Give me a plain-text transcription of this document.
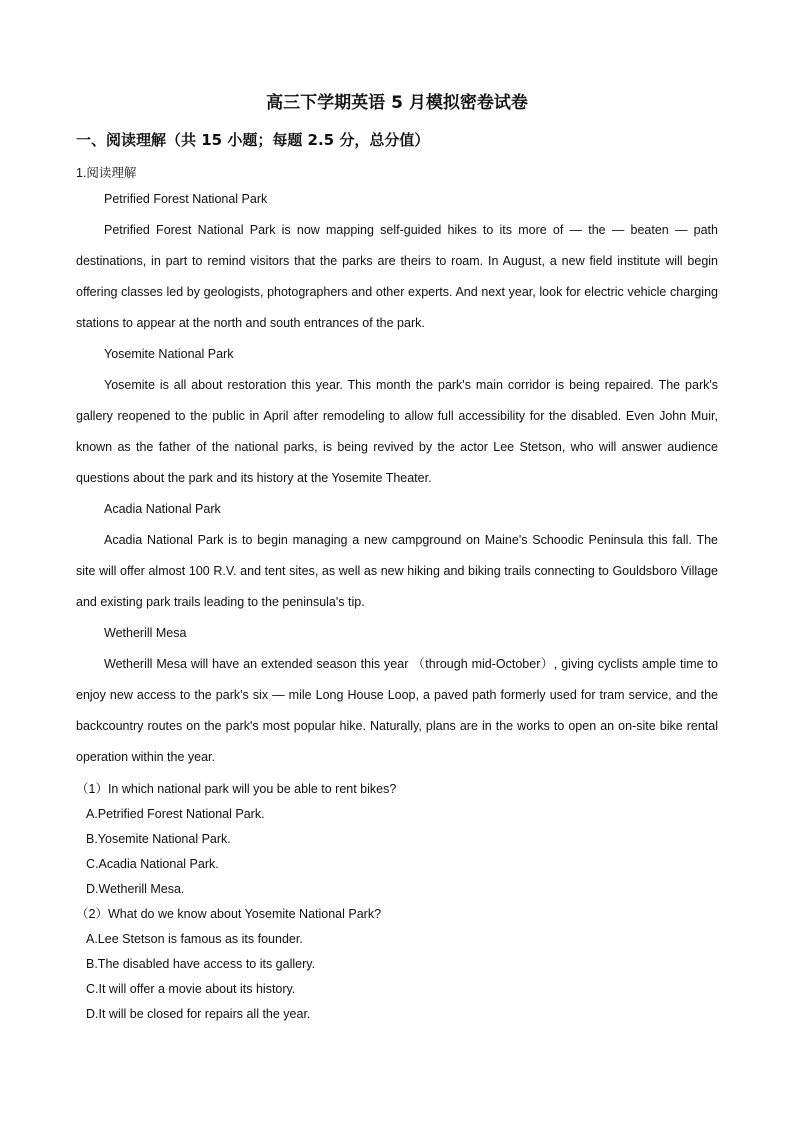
高三下学期英语 5 月模拟密卷试卷
一、阅读理解（共 15 小题；每题 2.5 分，总分值）
1.阅读理解

Petrified Forest National Park

Petrified Forest National Park is now mapping self-guided hikes to its more of — the — beaten — path destinations, in part to remind visitors that the parks are theirs to roam. In August, a new field institute will begin offering classes led by geologists, photographers and other experts. And next year, look for electric vehicle charging stations to appear at the north and south entrances of the park.

Yosemite National Park

Yosemite is all about restoration this year. This month the park's main corridor is being repaired. The park's gallery reopened to the public in April after remodeling to allow full accessibility for the disabled. Even John Muir, known as the father of the national parks, is being revived by the actor Lee Stetson, who will answer audience questions about the park and its history at the Yosemite Theater.

Acadia National Park

Acadia National Park is to begin managing a new campground on Maine's Schoodic Peninsula this fall. The site will offer almost 100 R.V. and tent sites, as well as new hiking and biking trails connecting to Gouldsboro Village and existing park trails leading to the peninsula's tip.

Wetherill Mesa

Wetherill Mesa will have an extended season this year （through mid-October）, giving cyclists ample time to enjoy new access to the park's six — mile Long House Loop, a paved path formerly used for tram service, and the backcountry routes on the park's most popular hike. Naturally, plans are in the works to open an on-site bike rental operation within the year.

（1）In which national park will you be able to rent bikes?

A.Petrified Forest National Park.

B.Yosemite National Park.

C.Acadia National Park.

D.Wetherill Mesa.

（2）What do we know about Yosemite National Park?

A.Lee Stetson is famous as its founder.

B.The disabled have access to its gallery.

C.It will offer a movie about its history.

D.It will be closed for repairs all the year.
